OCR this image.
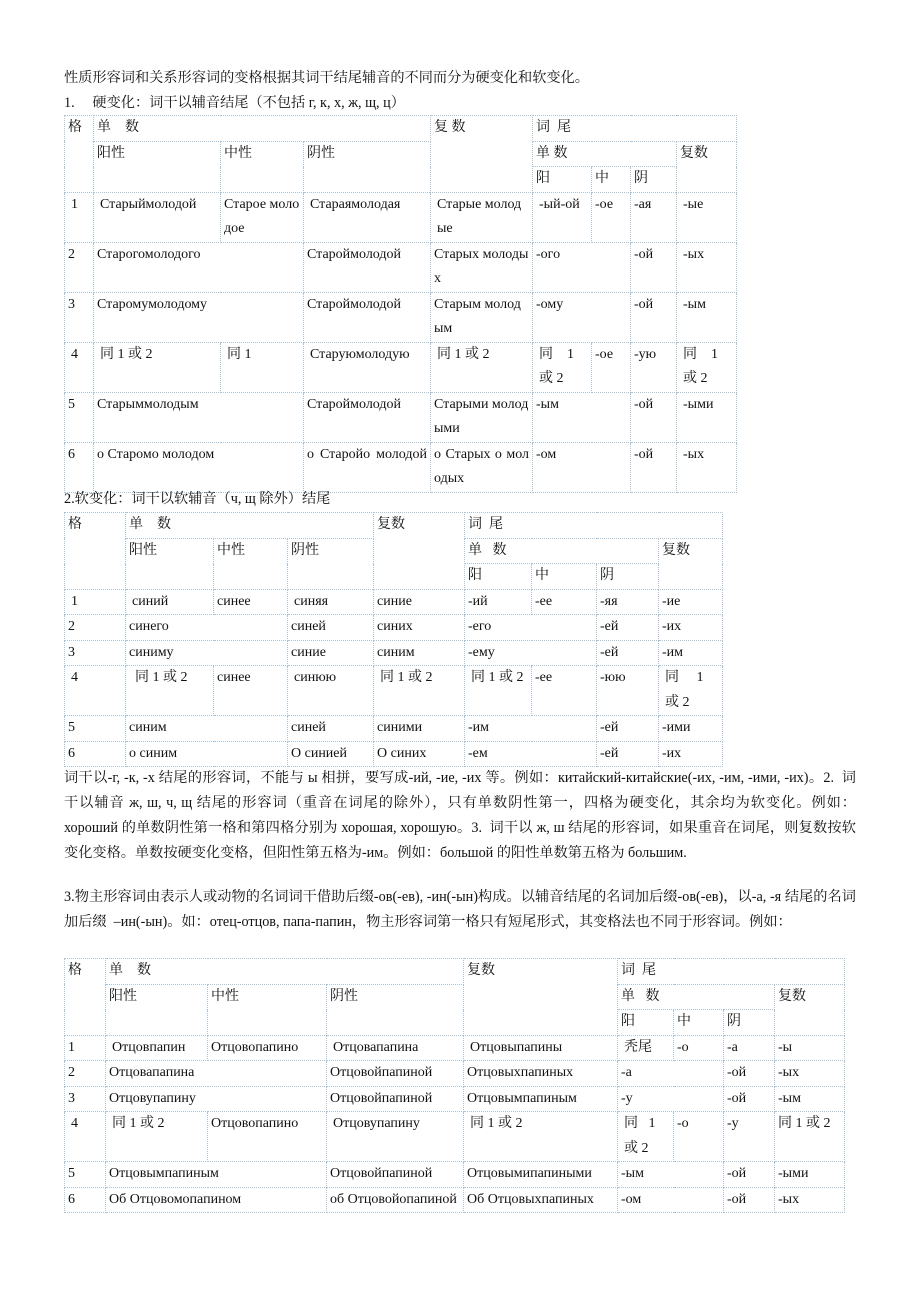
性质形容词和关系形容词的变格根据其词干结尾辅音的不同而分为硬变化和软变化。

1.     硬变化：词干以辅音结尾（不包括 г, к, х, ж, щ, ц）

格	单    数			复 数	词  尾			
	阳性	中性	阴性		单 数			复数
					阳	中	阴	
1	Старыймолодой	Старое молодое	Стараямолодая	Старые молодые	-ый-ой	-ое	-ая	-ые
2	Старогомолодого		Староймолодой	Старых молодых	-ого		-ой	-ых
3	Старомумолодому		Староймолодой	Старым молодым	-ому		-ой	-ым
4	同 1 或 2	同 1	Старуюмолодую	同 1 或 2	同    1 或 2	-ое	-ую	同    1 或 2
5	Старыммолодым		Староймолодой	Старыми молодыми	-ым		-ой	-ыми
6	о Старомо молодом		о Старойо молодой	о Старых о молодых	-ом		-ой	-ых

2.软变化：词干以软辅音（ч, щ 除外）结尾

格	单    数			复数	词  尾			
	阳性	中性	阴性		单   数			复数
					阳	中	阴	
1	синий	синее	синяя	синие	-ий	-ее	-яя	-ие
2	синего		синей	синих	-его		-ей	-их
3	синиму		синие	синим	-ему		-ей	-им
4	同 1 或 2	синее	синюю	同 1 或 2	同 1 或 2	-ее	-юю	同     1 或 2
5	синим		синей	синими	-им		-ей	-ими
6	о синим		О синией	О синих	-ем		-ей	-их

词干以-г, -к, -х 结尾的形容词，不能与 ы 相拼，要写成-ий, -ие, -их 等。例如：китайский-китайские(-их, -им, -ими, -их)。2.  词干以辅音 ж, ш, ч, щ 结尾的形容词（重音在词尾的除外），只有单数阴性第一，四格为硬变化，其余均为软变化。例如：хороший 的单数阴性第一格和第四格分别为 хорошая, хорошую。3.  词干以 ж, ш 结尾的形容词，如果重音在词尾，则复数按软变化变格。单数按硬变化变格，但阳性第五格为-им。例如：большой 的阳性单数第五格为 большим.

3.物主形容词由表示人或动物的名词词干借助后缀-ов(-ев), -ин(-ын)构成。以辅音结尾的名词加后缀-ов(-ев)，以-а, -я 结尾的名词加后缀  –ин(-ын)。如：отец-отцов, папа-папин，物主形容词第一格只有短尾形式，其变格法也不同于形容词。例如：

格	单    数			复数	词  尾			
	阳性	中性	阴性		单   数			复数
					阳	中	阴	
1	Отцовпапин	Отцовопапино	Отцовапапина	Отцовыпапины	秃尾	-о	-а	-ы
2	Отцовапапина		Отцовойпапиной	Отцовыхпапиных	-а		-ой	-ых
3	Отцовупапину		Отцовойпапиной	Отцовымпапиным	-у		-ой	-ым
4	同 1 或 2	Отцовопапино	Отцовупапину	同 1 或 2	同   1 或 2	-о	-у	同 1 或 2
5	Отцовымпапиным		Отцовойпапиной	Отцовымипапиными	-ым		-ой	-ыми
6	Об Отцовомопапином		об Отцовойопапиной	Об Отцовыхпапиных	-ом		-ой	-ых
